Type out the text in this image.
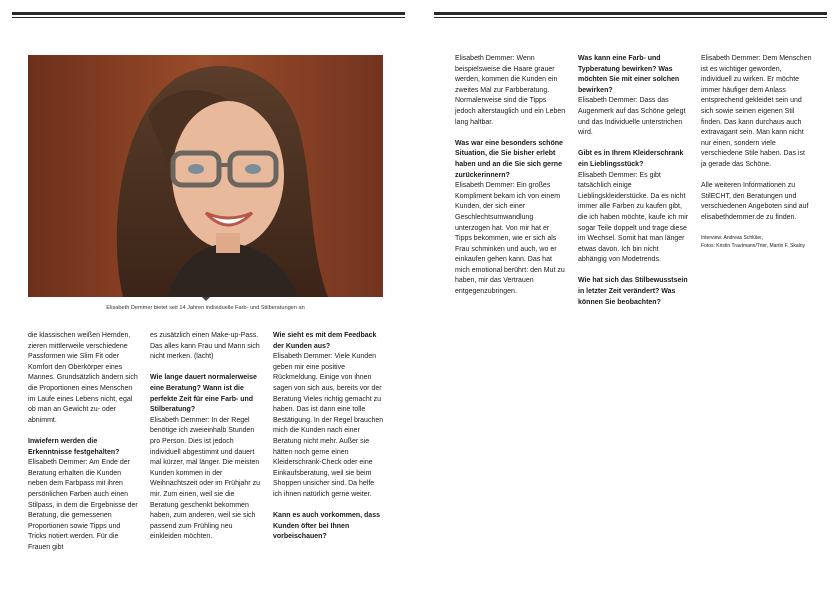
Elisabeth Demmer bietet seit 14 Jahren individuelle Farb- und Stilberatungen an

die klassischen weißen Hemden, zieren mittlerweile verschiedene Passformen wie Slim Fit oder Komfort den Oberkörper eines Mannes. Grundsätzlich ändern sich die Proportionen eines Menschen im Laufe eines Lebens nicht, egal ob man an Gewicht zu- oder abnimmt.

Inwiefern werden die Erkenntnisse festgehalten?

Elisabeth Demmer: Am Ende der Beratung erhalten die Kunden neben dem Farbpass mit ihren persönlichen Farben auch einen Stilpass, in dem die Ergebnisse der Beratung, die gemessenen Proportionen sowie Tipps und Tricks notiert werden. Für die Frauen gibt

es zusätzlich einen Make-up-Pass. Das alles kann Frau und Mann sich nicht merken. (lacht)

Wie lange dauert normalerweise eine Beratung? Wann ist die perfekte Zeit für eine Farb- und Stilberatung?

Elisabeth Demmer: In der Regel benötige ich zweieinhalb Stunden pro Person. Dies ist jedoch individuell abgestimmt und dauert mal kürzer, mal länger. Die meisten Kunden kommen in der Weihnachtszeit oder im Frühjahr zu mir. Zum einen, weil sie die Beratung geschenkt bekommen haben, zum anderen, weil sie sich passend zum Frühling neu einkleiden möchten.

Wie sieht es mit dem Feedback der Kunden aus?

Elisabeth Demmer: Viele Kunden geben mir eine positive Rückmeldung. Einige von ihnen sagen von sich aus, bereits vor der Beratung Vieles richtig gemacht zu haben. Das ist dann eine tolle Bestätigung. In der Regel brauchen mich die Kunden nach einer Beratung nicht mehr. Außer sie hätten noch gerne einen Kleiderschrank-Check oder eine Einkaufsberatung, weil sie beim Shoppen unsicher sind. Da helfe ich ihnen natürlich gerne weiter.

Kann es auch vorkommen, dass Kunden öfter bei Ihnen vorbeischauen?

Elisabeth Demmer: Wenn beispielsweise die Haare grauer werden, kommen die Kunden ein zweites Mal zur Farbberatung. Normalerweise sind die Tipps jedoch alterstauglich und ein Leben lang haltbar.

Was war eine besonders schöne Situation, die Sie bisher erlebt haben und an die Sie sich gerne zurückerinnern?

Elisabeth Demmer: Ein großes Kompliment bekam ich von einem Kunden, der sich einer Geschlechtsumwandlung unterzogen hat. Von mir hat er Tipps bekommen, wie er sich als Frau schminken und auch, wo er einkaufen gehen kann. Das hat mich emotional berührt: den Mut zu haben, mir das Vertrauen entgegenzubringen.

Was kann eine Farb- und Typberatung bewirken? Was möchten Sie mit einer solchen bewirken?

Elisabeth Demmer: Dass das Augenmerk auf das Schöne gelegt und das Individuelle unterstrichen wird.

Gibt es in Ihrem Kleiderschrank ein Lieblingsstück?

Elisabeth Demmer: Es gibt tatsächlich einige Lieblingskleiderstücke. Da es nicht immer alle Farben zu kaufen gibt, die ich haben möchte, kaufe ich mir sogar Teile doppelt und trage diese im Wechsel. Somit hat man länger etwas davon. Ich bin nicht abhängig von Modetrends.

Wie hat sich das Stilbewusstsein in letzter Zeit verändert? Was können Sie beobachten?

Elisabeth Demmer: Dem Menschen ist es wichtiger geworden, individuell zu wirken. Er möchte immer häufiger dem Anlass entsprechend gekleidet sein und sich sowie seinen eigenen Stil finden. Das kann durchaus auch extravagant sein. Man kann nicht nur einen, sondern viele verschiedene Stile haben. Das ist ja gerade das Schöne.

Alle weiteren Informationen zu StilECHT, den Beratungen und verschiedenen Angeboten sind auf elisabethdemmer.de zu finden.

Interview: Andreas Schlüter,

Fotos: Kristin Trautmann/Trier, Martin F. Skalny
